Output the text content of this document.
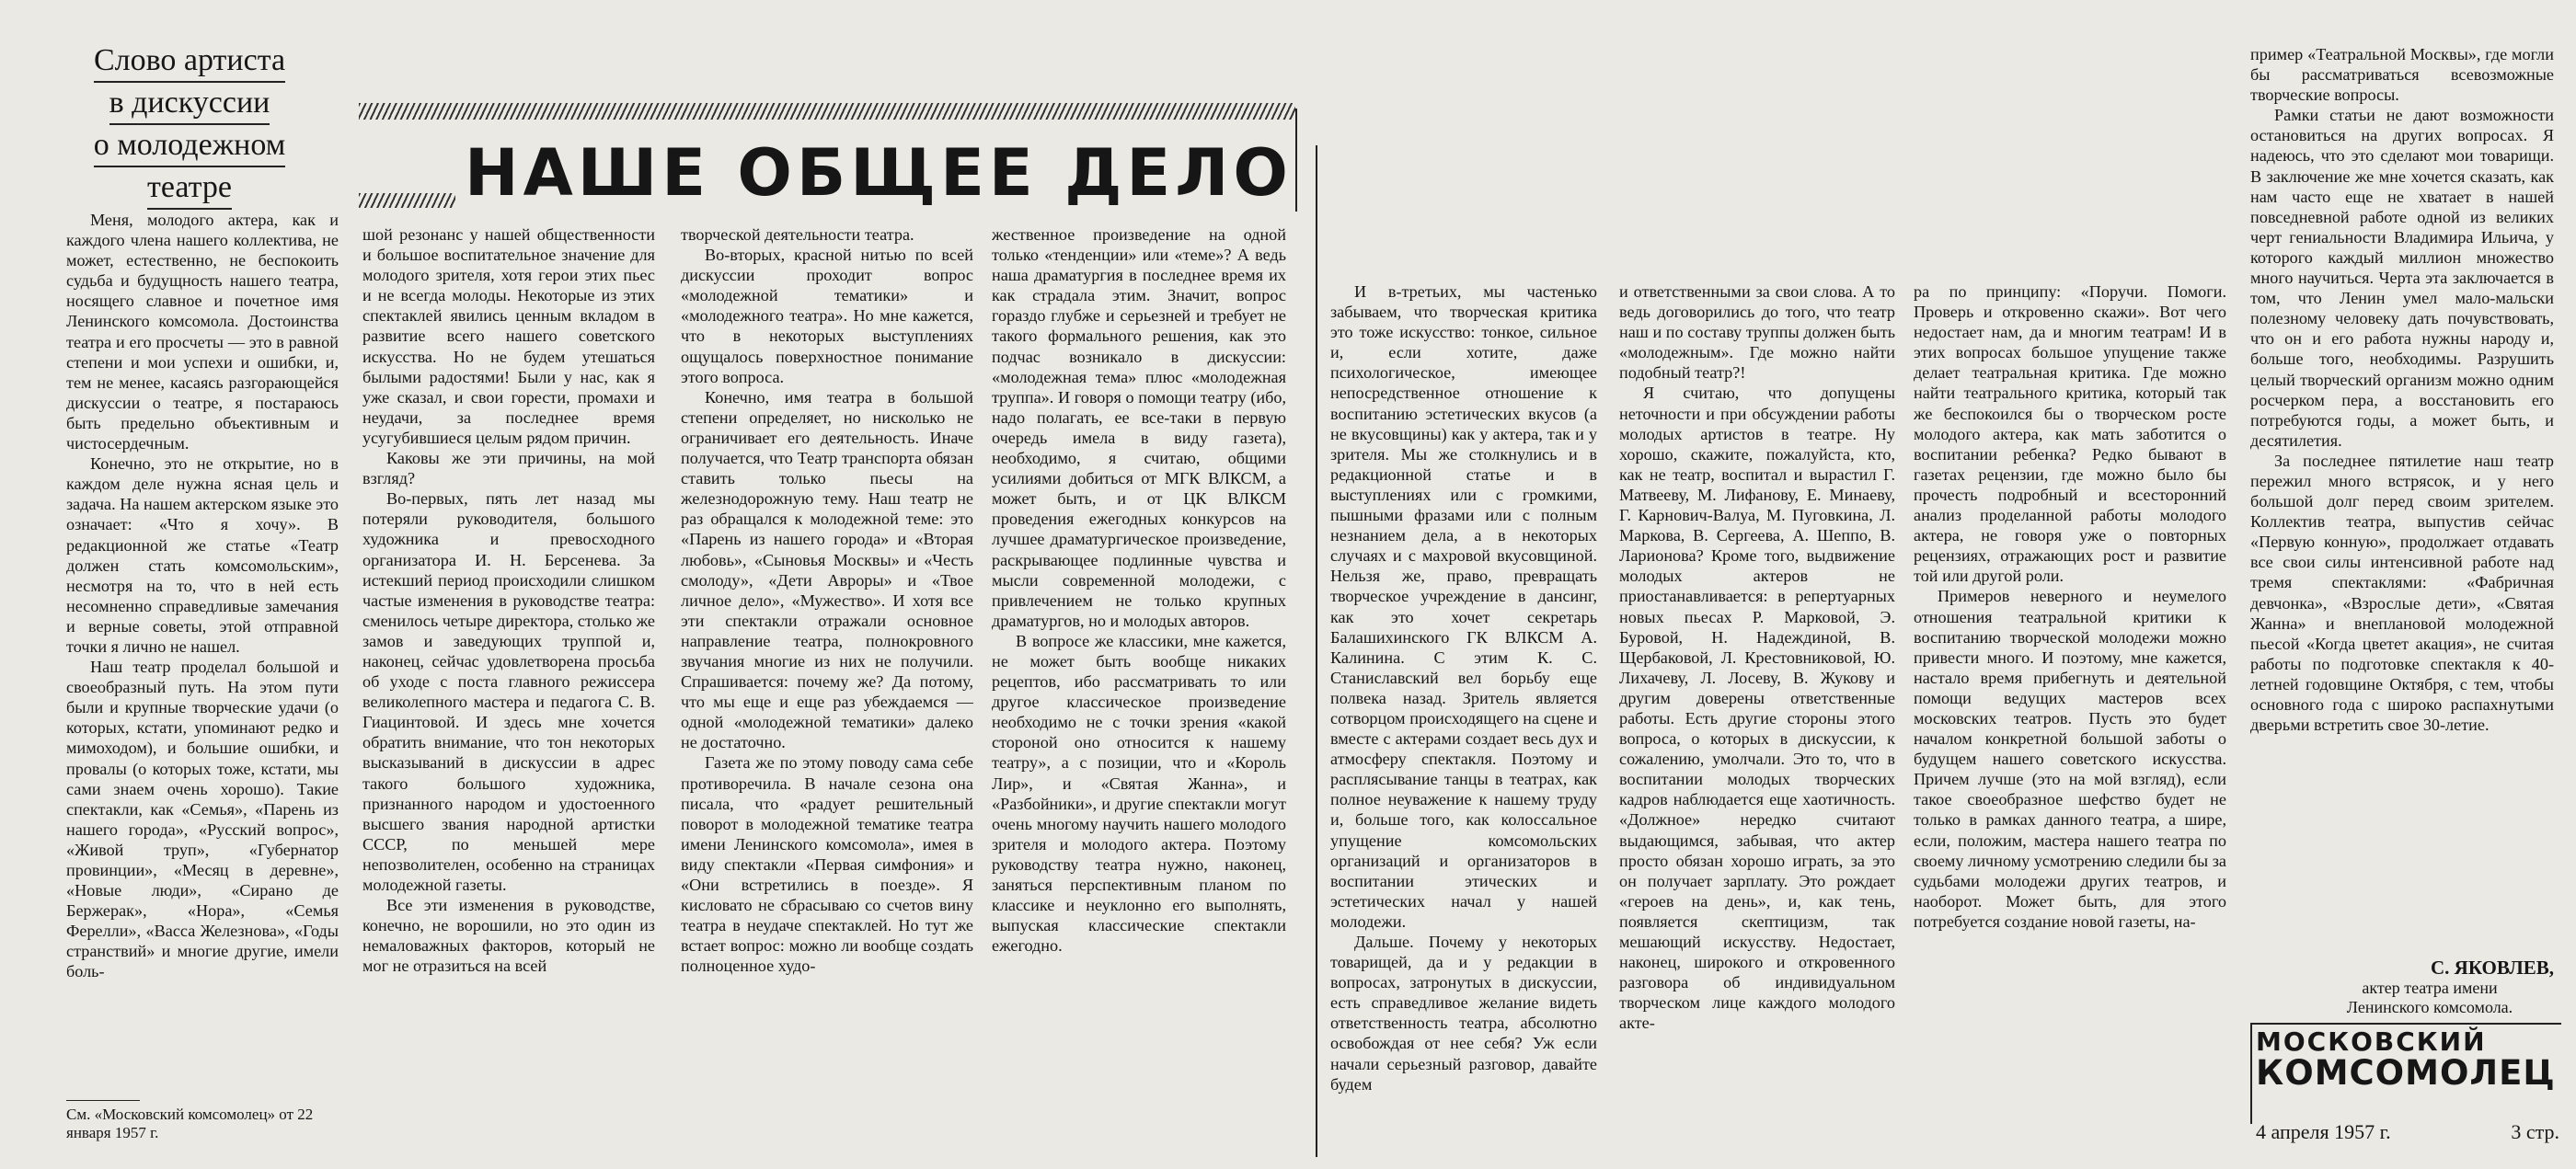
Слово артиста
в дискуссии
о молодежном
театре	НАШЕ ОБЩЕЕ ДЕЛО

Меня, молодого актера, как и каждого члена нашего коллектива, не может, естественно, не беспокоить судьба и будущность нашего театра, носящего славное и почетное имя Ленинского комсомола. Достоинства театра и его просчеты — это в равной степени и мои успехи и ошибки, и, тем не менее, касаясь разгорающейся дискуссии о театре, я постараюсь быть предельно объективным и чистосердечным.

Конечно, это не открытие, но в каждом деле нужна ясная цель и задача. На нашем актерском языке это означает: «Что я хочу». В редакционной же статье «Театр должен стать комсомольским», несмотря на то, что в ней есть несомненно справедливые замечания и верные советы, этой отправной точки я лично не нашел.

Наш театр проделал большой и своеобразный путь. На этом пути были и крупные творческие удачи (о которых, кстати, упоминают редко и мимоходом), и большие ошибки, и провалы (о которых тоже, кстати, мы сами знаем очень хорошо). Такие спектакли, как «Семья», «Парень из нашего города», «Русский вопрос», «Живой труп», «Губернатор провинции», «Месяц в деревне», «Новые люди», «Сирано де Бержерак», «Нора», «Семья Ферелли», «Васса Железнова», «Годы странствий» и многие другие, имели боль-

См. «Московский комсомолец» от 22 января 1957 г.

шой резонанс у нашей общественности и большое воспитательное значение для молодого зрителя, хотя герои этих пьес и не всегда молоды. Некоторые из этих спектаклей явились ценным вкладом в развитие всего нашего советского искусства. Но не будем утешаться былыми радостями! Были у нас, как я уже сказал, и свои горести, промахи и неудачи, за последнее время усугубившиеся целым рядом причин.

Каковы же эти причины, на мой взгляд?

Во-первых, пять лет назад мы потеряли руководителя, большого художника и превосходного организатора И. Н. Берсенева. За истекший период происходили слишком частые изменения в руководстве театра: сменилось четыре директора, столько же замов и заведующих труппой и, наконец, сейчас удовлетворена просьба об уходе с поста главного режиссера великолепного мастера и педагога С. В. Гиацинтовой. И здесь мне хочется обратить внимание, что тон некоторых высказываний в дискуссии в адрес такого большого художника, признанного народом и удостоенного высшего звания народной артистки СССР, по меньшей мере непозволителен, особенно на страницах молодежной газеты.

Все эти изменения в руководстве, конечно, не ворошили, но это один из немаловажных факторов, который не мог не отразиться на всей

творческой деятельности театра.

Во-вторых, красной нитью по всей дискуссии проходит вопрос «молодежной тематики» и «молодежного театра». Но мне кажется, что в некоторых выступлениях ощущалось поверхностное понимание этого вопроса.

Конечно, имя театра в большой степени определяет, но нисколько не ограничивает его деятельность. Иначе получается, что Театр транспорта обязан ставить только пьесы на железнодорожную тему. Наш театр не раз обращался к молодежной теме: это «Парень из нашего города» и «Вторая любовь», «Сыновья Москвы» и «Честь смолоду», «Дети Авроры» и «Твое личное дело», «Мужество». И хотя все эти спектакли отражали основное направление театра, полнокровного звучания многие из них не получили. Спрашивается: почему же? Да потому, что мы еще и еще раз убеждаемся — одной «молодежной тематики» далеко не достаточно.

Газета же по этому поводу сама себе противоречила. В начале сезона она писала, что «радует решительный поворот в молодежной тематике театра имени Ленинского комсомола», имея в виду спектакли «Первая симфония» и «Они встретились в поезде». Я кисловато не сбрасываю со счетов вину театра в неудаче спектаклей. Но тут же встает вопрос: можно ли вообще создать полноценное худо-

жественное произведение на одной только «тенденции» или «теме»? А ведь наша драматургия в последнее время их как страдала этим. Значит, вопрос гораздо глубже и серьезней и требует не такого формального решения, как это подчас возникало в дискуссии: «молодежная тема» плюс «молодежная труппа». И говоря о помощи театру (ибо, надо полагать, ее все-таки в первую очередь имела в виду газета), необходимо, я считаю, общими усилиями добиться от МГК ВЛКСМ, а может быть, и от ЦК ВЛКСМ проведения ежегодных конкурсов на лучшее драматургическое произведение, раскрывающее подлинные чувства и мысли современной молодежи, с привлечением не только крупных драматургов, но и молодых авторов.

В вопросе же классики, мне кажется, не может быть вообще никаких рецептов, ибо рассматривать то или другое классическое произведение необходимо не с точки зрения «какой стороной оно относится к нашему театру», а с позиции, что и «Король Лир», и «Святая Жанна», и «Разбойники», и другие спектакли могут очень многому научить нашего молодого зрителя и молодого актера. Поэтому руководству театра нужно, наконец, заняться перспективным планом по классике и неуклонно его выполнять, выпуская классические спектакли ежегодно.

И в-третьих, мы частенько забываем, что творческая критика это тоже искусство: тонкое, сильное и, если хотите, даже психологическое, имеющее непосредственное отношение к воспитанию эстетических вкусов (а не вкусовщины) как у актера, так и у зрителя. Мы же столкнулись и в редакционной статье и в выступлениях или с громкими, пышными фразами или с полным незнанием дела, а в некоторых случаях и с махровой вкусовщиной. Нельзя же, право, превращать творческое учреждение в дансинг, как это хочет секретарь Балашихинского ГК ВЛКСМ А. Калинина. С этим К. С. Станиславский вел борьбу еще полвека назад. Зритель является сотворцом происходящего на сцене и вместе с актерами создает весь дух и атмосферу спектакля. Поэтому и расплясывание танцы в театрах, как полное неуважение к нашему труду и, больше того, как колоссальное упущение комсомольских организаций и организаторов в воспитании этических и эстетических начал у нашей молодежи.

Дальше. Почему у некоторых товарищей, да и у редакции в вопросах, затронутых в дискуссии, есть справедливое желание видеть ответственность театра, абсолютно освобождая от нее себя? Уж если начали серьезный разговор, давайте будем

и ответственными за свои слова. А то ведь договорились до того, что театр наш и по составу труппы должен быть «молодежным». Где можно найти подобный театр?!

Я считаю, что допущены неточности и при обсуждении работы молодых артистов в театре. Ну хорошо, скажите, пожалуйста, кто, как не театр, воспитал и вырастил Г. Матвееву, М. Лифанову, Е. Минаеву, Г. Карнович-Валуа, М. Пуговкина, Л. Маркова, В. Сергеева, А. Шеппо, В. Ларионова? Кроме того, выдвижение молодых актеров не приостанавливается: в репертуарных новых пьесах Р. Марковой, Э. Буровой, Н. Надеждиной, В. Щербаковой, Л. Крестовниковой, Ю. Лихачеву, Л. Лосеву, В. Жукову и другим доверены ответственные работы. Есть другие стороны этого вопроса, о которых в дискуссии, к сожалению, умолчали. Это то, что в воспитании молодых творческих кадров наблюдается еще хаотичность. «Должное» нередко считают выдающимся, забывая, что актер просто обязан хорошо играть, за это он получает зарплату. Это рождает «героев на день», и, как тень, появляется скептицизм, так мешающий искусству. Недостает, наконец, широкого и откровенного разговора об индивидуальном творческом лице каждого молодого акте-

ра по принципу: «Поручи. Помоги. Проверь и откровенно скажи». Вот чего недостает нам, да и многим театрам! И в этих вопросах большое упущение также делает театральная критика. Где можно найти театрального критика, который так же беспокоился бы о творческом росте молодого актера, как мать заботится о воспитании ребенка? Редко бывают в газетах рецензии, где можно было бы прочесть подробный и всесторонний анализ проделанной работы молодого актера, не говоря уже о повторных рецензиях, отражающих рост и развитие той или другой роли.

Примеров неверного и неумелого отношения театральной критики к воспитанию творческой молодежи можно привести много. И поэтому, мне кажется, настало время прибегнуть и деятельной помощи ведущих мастеров всех московских театров. Пусть это будет началом конкретной большой заботы о будущем нашего советского искусства. Причем лучше (это на мой взгляд), если такое своеобразное шефство будет не только в рамках данного театра, а шире, если, положим, мастера нашего театра по своему личному усмотрению следили бы за судьбами молодежи других театров, и наоборот. Может быть, для этого потребуется создание новой газеты, на-

пример «Театральной Москвы», где могли бы рассматриваться всевозможные творческие вопросы.

Рамки статьи не дают возможности остановиться на других вопросах. Я надеюсь, что это сделают мои товарищи. В заключение же мне хочется сказать, как нам часто еще не хватает в нашей повседневной работе одной из великих черт гениальности Владимира Ильича, у которого каждый миллион множество много научиться. Черта эта заключается в том, что Ленин умел мало-мальски полезному человеку дать почувствовать, что он и его работа нужны народу и, больше того, необходимы. Разрушить целый творческий организм можно одним росчерком пера, а восстановить его потребуются годы, а может быть, и десятилетия.

За последнее пятилетие наш театр пережил много встрясок, и у него большой долг перед своим зрителем. Коллектив театра, выпустив сейчас «Первую конную», продолжает отдавать все свои силы интенсивной работе над тремя спектаклями: «Фабричная девчонка», «Взрослые дети», «Святая Жанна» и внеплановой молодежной пьесой «Когда цветет акация», не считая работы по подготовке спектакля к 40-летней годовщине Октября, с тем, чтобы основного года с широко распахнутыми дверьми встретить свое 30-летие.

С. ЯКОВЛЕВ,
актер театра имени
Ленинского комсомола.
МОСКОВСКИЙ
КОМСОМОЛЕЦ
4 апреля 1957 г.	3 стр.
